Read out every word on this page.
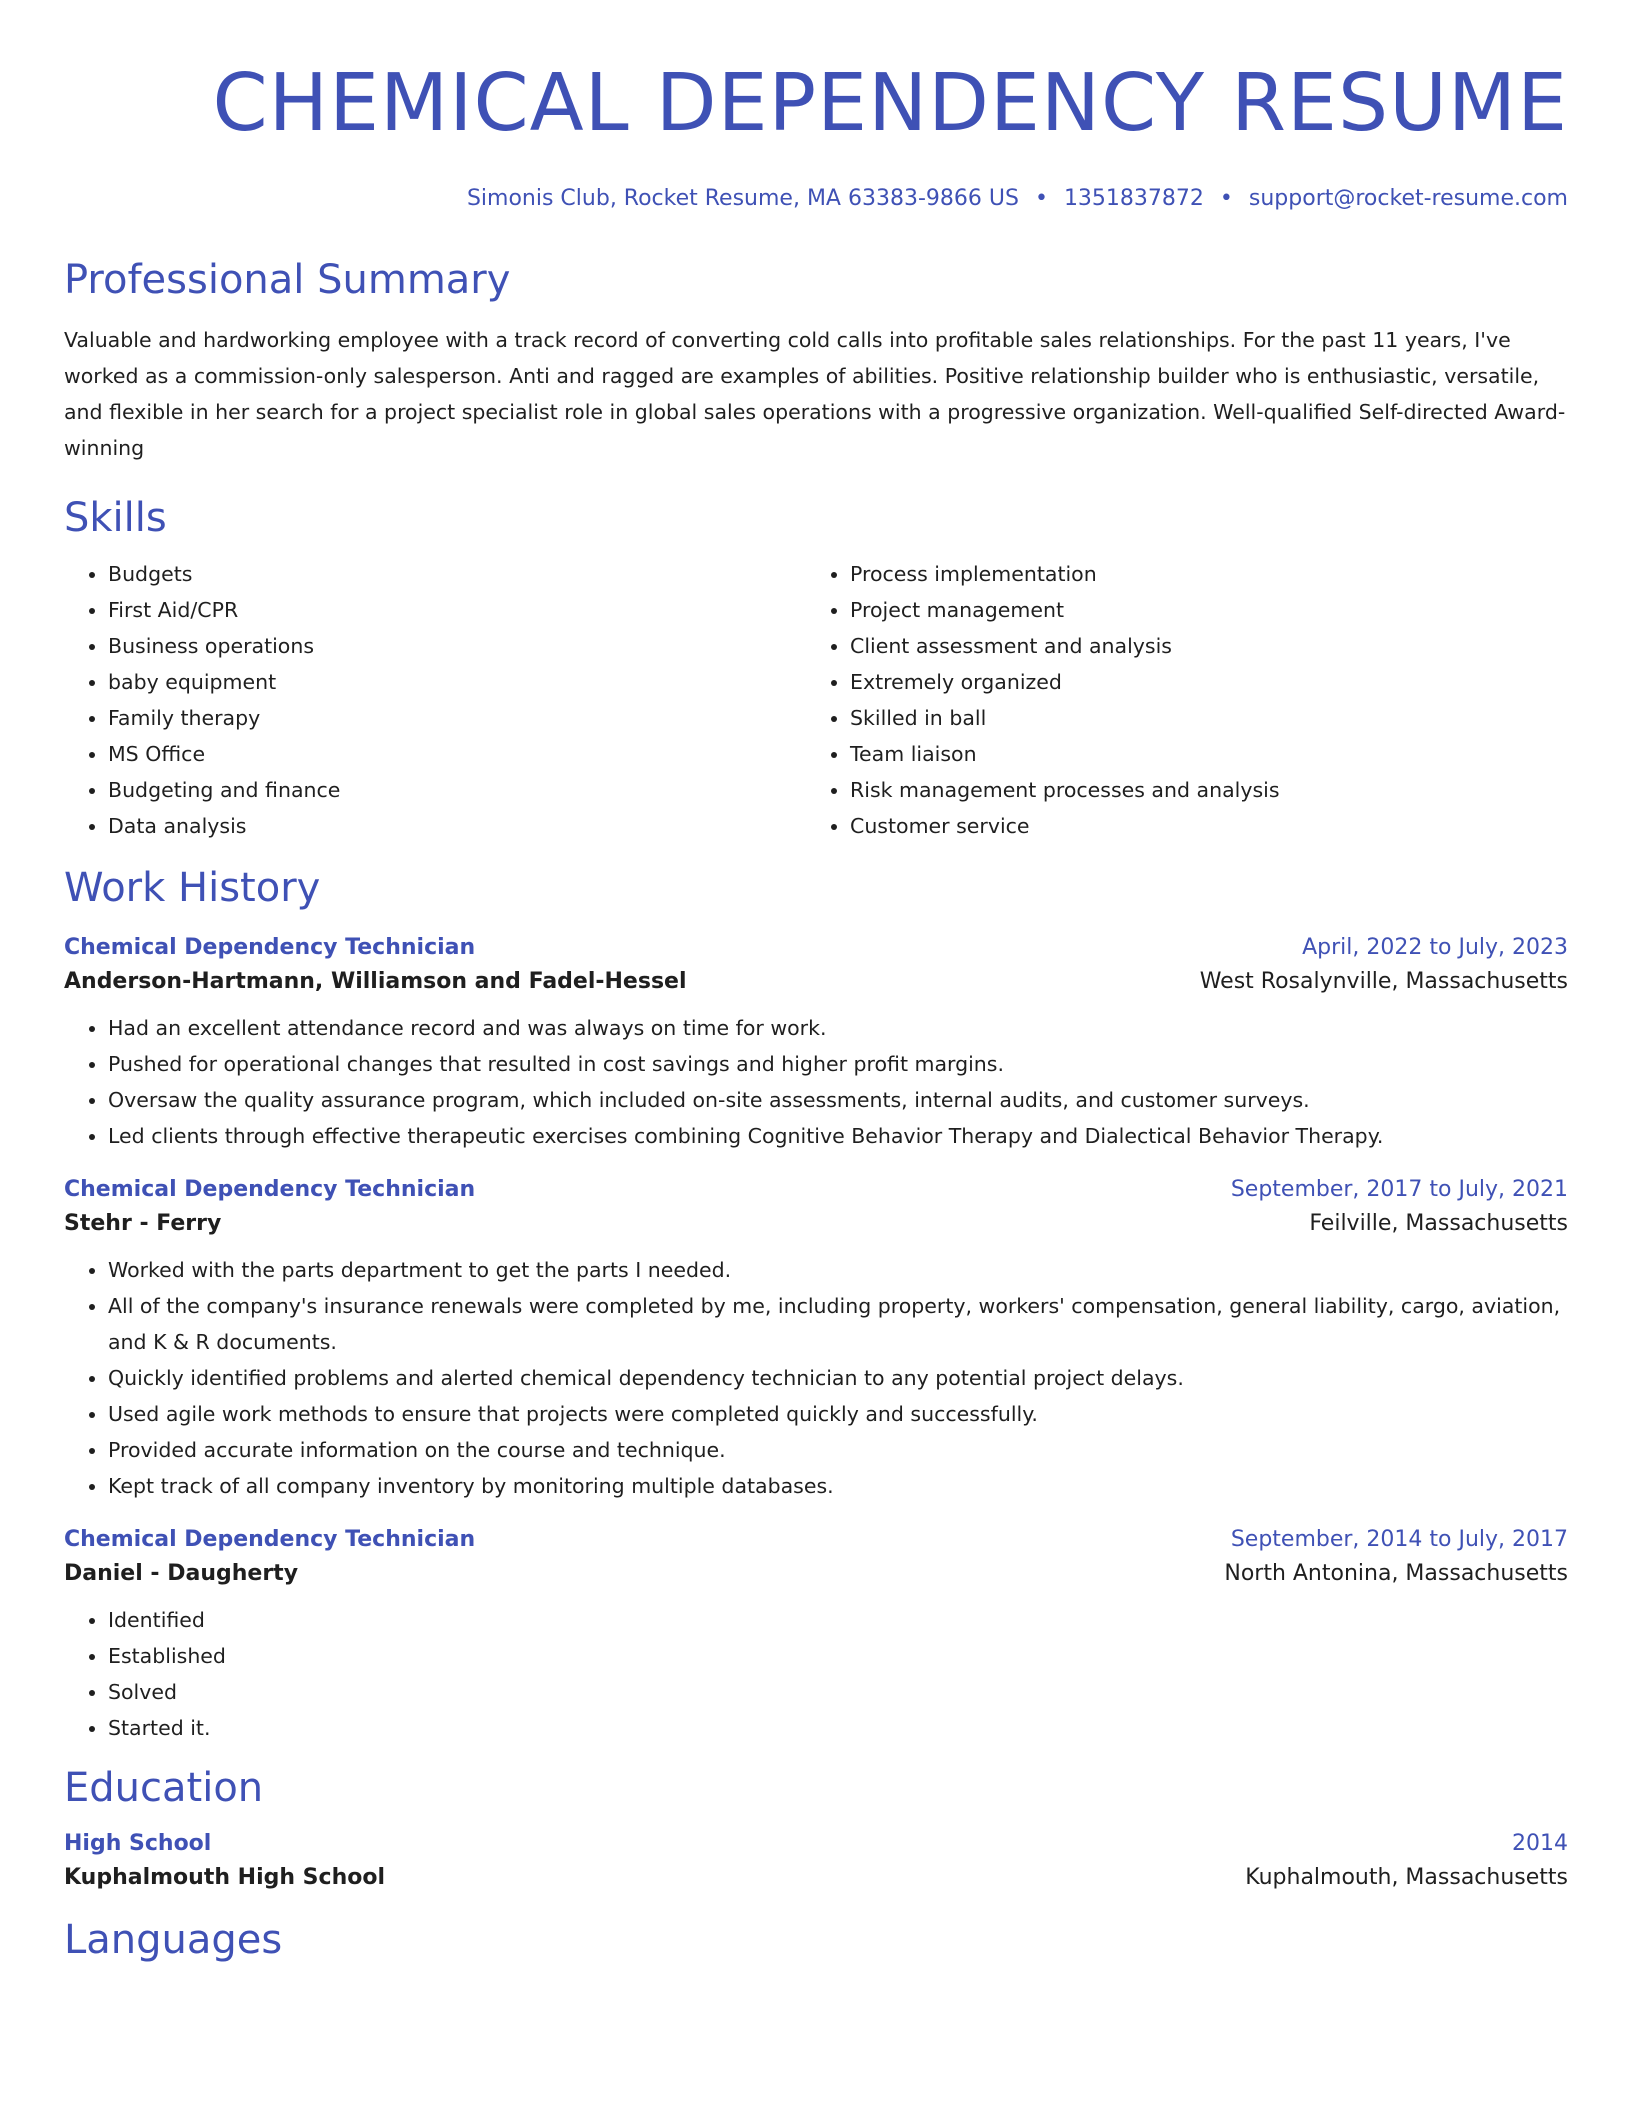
CHEMICAL DEPENDENCY RESUME
Simonis Club, Rocket Resume, MA 63383-9866 US • 1351837872 • support@rocket-resume.com
Professional Summary
Valuable and hardworking employee with a track record of converting cold calls into profitable sales relationships. For the past 11 years, I've worked as a commission-only salesperson. Anti and ragged are examples of abilities. Positive relationship builder who is enthusiastic, versatile, and flexible in her search for a project specialist role in global sales operations with a progressive organization. Well-qualified Self-directed Award-winning
Skills
• Budgets
• First Aid/CPR
• Business operations
• baby equipment
• Family therapy
• MS Office
• Budgeting and finance
• Data analysis
• Process implementation
• Project management
• Client assessment and analysis
• Extremely organized
• Skilled in ball
• Team liaison
• Risk management processes and analysis
• Customer service
Work History
Chemical Dependency Technician	April, 2022 to July, 2023
Anderson-Hartmann, Williamson and Fadel-Hessel	West Rosalynville, Massachusetts
• Had an excellent attendance record and was always on time for work.
• Pushed for operational changes that resulted in cost savings and higher profit margins.
• Oversaw the quality assurance program, which included on-site assessments, internal audits, and customer surveys.
• Led clients through effective therapeutic exercises combining Cognitive Behavior Therapy and Dialectical Behavior Therapy.
Chemical Dependency Technician	September, 2017 to July, 2021
Stehr - Ferry	Feilville, Massachusetts
• Worked with the parts department to get the parts I needed.
• All of the company's insurance renewals were completed by me, including property, workers' compensation, general liability, cargo, aviation, and K & R documents.
• Quickly identified problems and alerted chemical dependency technician to any potential project delays.
• Used agile work methods to ensure that projects were completed quickly and successfully.
• Provided accurate information on the course and technique.
• Kept track of all company inventory by monitoring multiple databases.
Chemical Dependency Technician	September, 2014 to July, 2017
Daniel - Daugherty	North Antonina, Massachusetts
• Identified
• Established
• Solved
• Started it.
Education
High School	2014
Kuphalmouth High School	Kuphalmouth, Massachusetts
Languages
